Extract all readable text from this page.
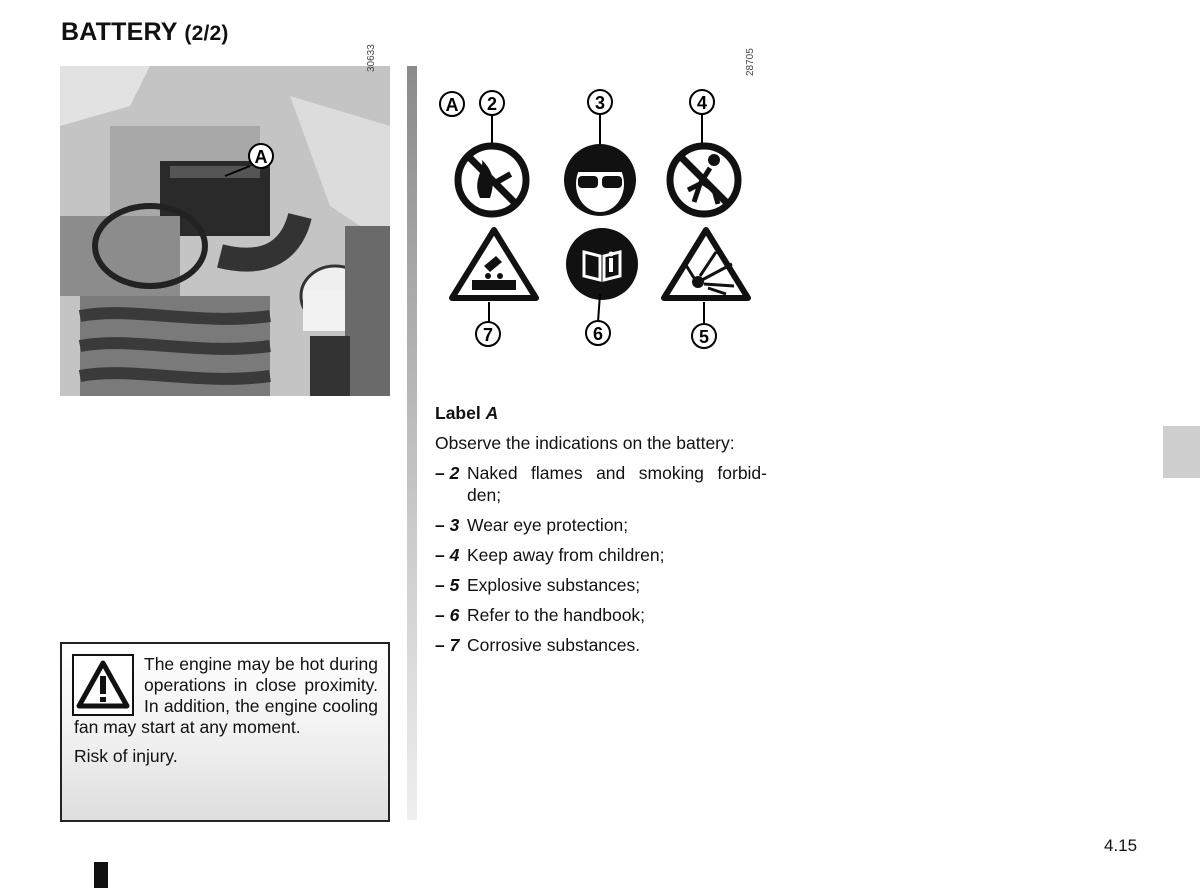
BATTERY (2/2)
A
30633
A 2	3	4
7	6	5
28705

Label A

Observe the indications on the battery:

– 2 Naked flames and smoking forbid- den;
– 3 Wear eye protection;
– 4 Keep away from children;
– 5 Explosive substances;
– 6 Refer to the handbook;
– 7 Corrosive substances.

The engine may be hot during operations in close proximity. In addition, the engine cooling fan may start at any moment.

Risk of injury.

4.15
